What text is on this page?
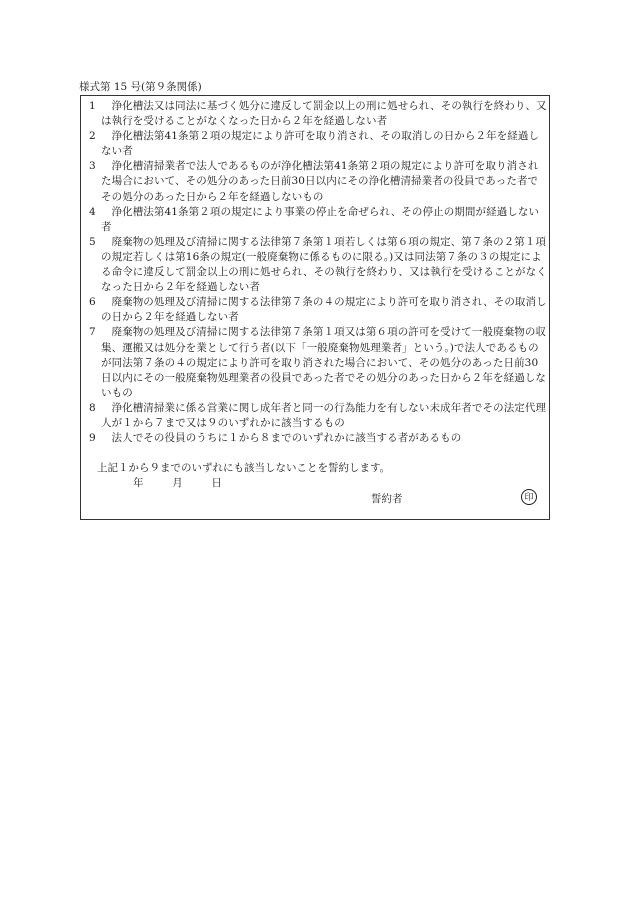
様式第 15 号(第９条関係)
1	浄化槽法又は同法に基づく処分に違反して罰金以上の刑に処せられ、その執行を終わり、又は執行を受けることがなくなった日から２年を経過しない者
2	浄化槽法第41条第２項の規定により許可を取り消され、その取消しの日から２年を経過しない者
3	浄化槽清掃業者で法人であるものが浄化槽法第41条第２項の規定により許可を取り消された場合において、その処分のあった日前30日以内にその浄化槽清掃業者の役員であった者でその処分のあった日から２年を経過しないもの
4	浄化槽法第41条第２項の規定により事業の停止を命ぜられ、その停止の期間が経過しない者
5	廃棄物の処理及び清掃に関する法律第７条第１項若しくは第６項の規定、第７条の２第１項の規定若しくは第16条の規定(一般廃棄物に係るものに限る。)又は同法第７条の３の規定による命令に違反して罰金以上の刑に処せられ、その執行を終わり、又は執行を受けることがなくなった日から２年を経過しない者
6	廃棄物の処理及び清掃に関する法律第７条の４の規定により許可を取り消され、その取消しの日から２年を経過しない者
7	廃棄物の処理及び清掃に関する法律第７条第１項又は第６項の許可を受けて一般廃棄物の収集、運搬又は処分を業として行う者(以下「一般廃棄物処理業者」という。)で法人であるものが同法第７条の４の規定により許可を取り消された場合において、その処分のあった日前30日以内にその一般廃棄物処理業者の役員であった者でその処分のあった日から２年を経過しないもの
8	浄化槽清掃業に係る営業に関し成年者と同一の行為能力を有しない未成年者でその法定代理人が１から７まで又は９のいずれかに該当するもの
9	法人でその役員のうちに１から８までのいずれかに該当する者があるもの
上記１から９までのいずれにも該当しないことを誓約します。
年	月	日
誓約者	印
